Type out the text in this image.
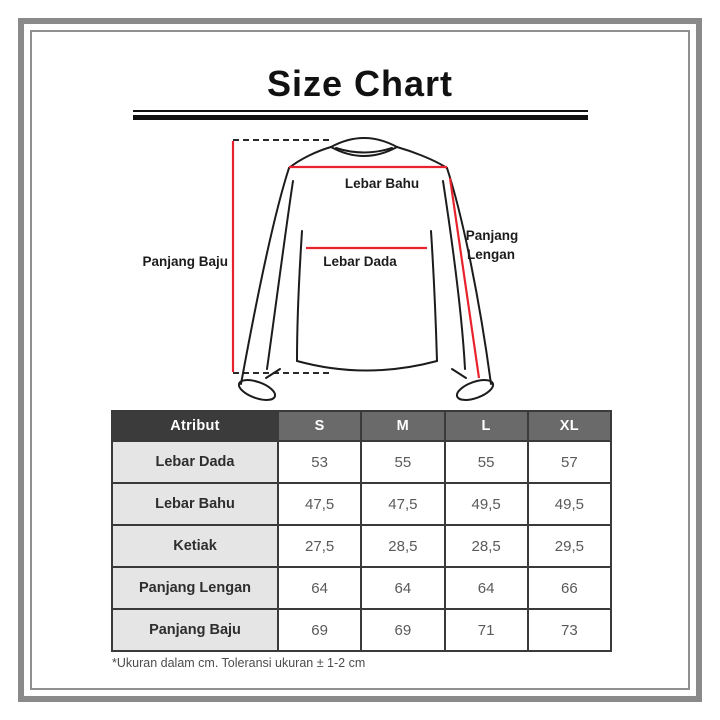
Size Chart
Panjang Baju
Lebar Bahu
Lebar Dada
Panjang
Lengan
Atribut	S	M	L	XL
Lebar Dada	53	55	55	57
Lebar Bahu	47,5	47,5	49,5	49,5
Ketiak	27,5	28,5	28,5	29,5
Panjang Lengan	64	64	64	66
Panjang Baju	69	69	71	73
*Ukuran dalam cm. Toleransi ukuran ± 1-2 cm
